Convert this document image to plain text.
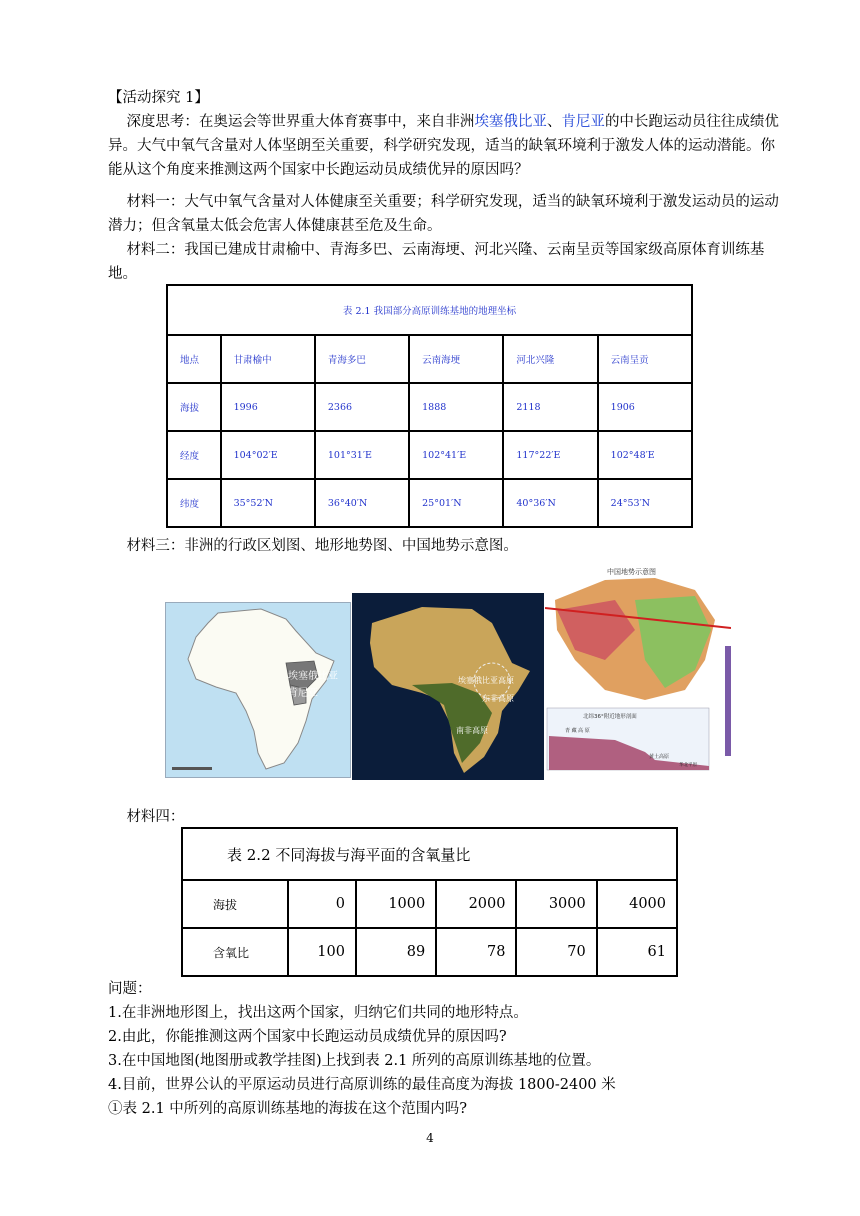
【活动探究 1】

深度思考：在奥运会等世界重大体育赛事中，来自非洲埃塞俄比亚、肯尼亚的中长跑运动员往往成绩优异。大气中氧气含量对人体坚朗至关重要，科学研究发现，适当的缺氧环境利于激发人体的运动潜能。你能从这个角度来推测这两个国家中长跑运动员成绩优异的原因吗？

材料一：大气中氧气含量对人体健康至关重要；科学研究发现，适当的缺氧环境利于激发运动员的运动潜力；但含氧量太低会危害人体健康甚至危及生命。

材料二：我国已建成甘肃榆中、青海多巴、云南海埂、河北兴隆、云南呈贡等国家级高原体育训练基地。

表 2.1 我国部分高原训练基地的地理坐标					
地点	甘肃榆中	青海多巴	云南海埂	河北兴隆	云南呈贡
海拔	1996	2366	1888	2118	1906
经度	104°02′E	101°31′E	102°41′E	117°22′E	102°48′E
纬度	35°52′N	36°40′N	25°01′N	40°36′N	24°53′N

材料三：非洲的行政区划图、地形地势图、中国地势示意图。

埃塞俄比亚
肯尼亚
埃塞俄比亚高原
东非高原
南非高原
中国地势示意图
北纬36°附近地形剖面
青 藏 高 原
黄土高原
华北平原

材料四：

表 2.2 不同海拔与海平面的含氧量比					
海拔	0	1000	2000	3000	4000
含氧比	100	89	78	70	61

问题：

1.在非洲地形图上，找出这两个国家，归纳它们共同的地形特点。

2.由此，你能推测这两个国家中长跑运动员成绩优异的原因吗?

3.在中国地图(地图册或教学挂图)上找到表 2.1 所列的高原训练基地的位置。

4.目前，世界公认的平原运动员进行高原训练的最佳高度为海拔 1800-2400 米

①表 2.1 中所列的高原训练基地的海拔在这个范围内吗?

4
